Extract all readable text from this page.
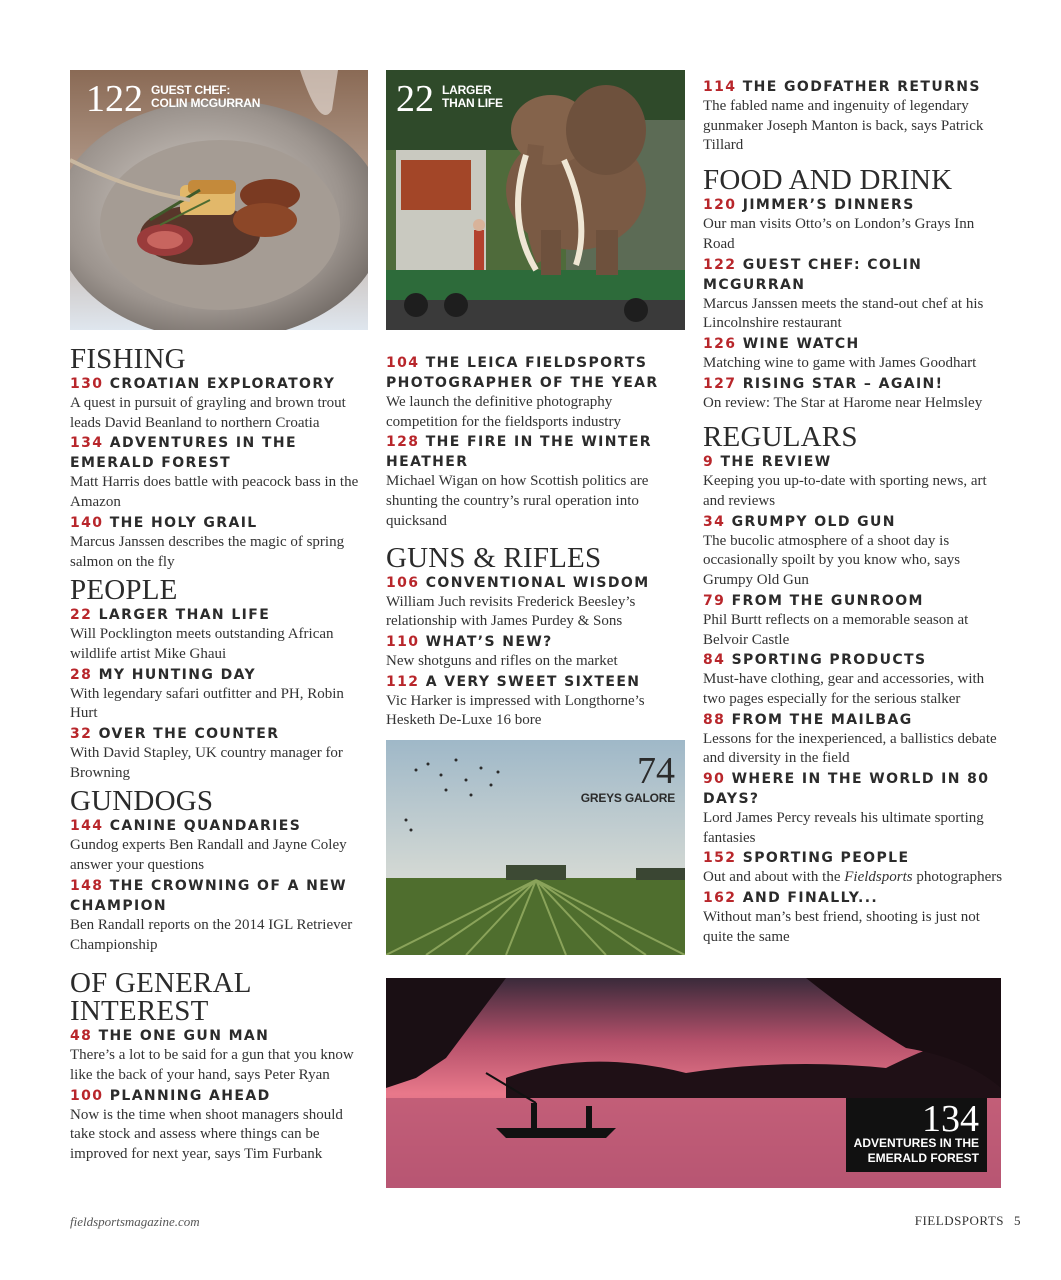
122 GUEST CHEF:
COLIN MCGURRAN	22 LARGER
THAN LIFE
74
GREYS GALORE
134
ADVENTURES IN THE
EMERALD FOREST
FISHING
130 CROATIAN EXPLORATORY
A quest in pursuit of grayling and brown trout leads David Beanland to northern Croatia
134 ADVENTURES IN THE EMERALD FOREST
Matt Harris does battle with peacock bass in the Amazon
140 THE HOLY GRAIL
Marcus Janssen describes the magic of spring salmon on the fly
PEOPLE
22 LARGER THAN LIFE
Will Pocklington meets outstanding African wildlife artist Mike Ghaui
28 MY HUNTING DAY
With legendary safari outfitter and PH, Robin Hurt
32 OVER THE COUNTER
With David Stapley, UK country manager for Browning
GUNDOGS
144 CANINE QUANDARIES
Gundog experts Ben Randall and Jayne Coley answer your questions
148 THE CROWNING OF A NEW CHAMPION
Ben Randall reports on the 2014 IGL Retriever Championship
OF GENERAL INTEREST
48 THE ONE GUN MAN
There’s a lot to be said for a gun that you know like the back of your hand, says Peter Ryan
100 PLANNING AHEAD
Now is the time when shoot managers should take stock and assess where things can be improved for next year, says Tim Furbank
104 THE LEICA FIELDSPORTS PHOTOGRAPHER OF THE YEAR
We launch the definitive photography competition for the fieldsports industry
128 THE FIRE IN THE WINTER HEATHER
Michael Wigan on how Scottish politics are shunting the country’s rural operation into quicksand
GUNS & RIFLES
106 CONVENTIONAL WISDOM
William Juch revisits Frederick Beesley’s relationship with James Purdey & Sons
110 WHAT’S NEW?
New shotguns and rifles on the market
112 A VERY SWEET SIXTEEN
Vic Harker is impressed with Longthorne’s Hesketh De-Luxe 16 bore
114 THE GODFATHER RETURNS
The fabled name and ingenuity of legendary gunmaker Joseph Manton is back, says Patrick Tillard
FOOD AND DRINK
120 JIMMER’S DINNERS
Our man visits Otto’s on London’s Grays Inn Road
122 GUEST CHEF: COLIN MCGURRAN
Marcus Janssen meets the stand-out chef at his Lincolnshire restaurant
126 WINE WATCH
Matching wine to game with James Goodhart
127 RISING STAR – AGAIN!
On review: The Star at Harome near Helmsley
REGULARS
9 THE REVIEW
Keeping you up-to-date with sporting news, art and reviews
34 GRUMPY OLD GUN
The bucolic atmosphere of a shoot day is occasionally spoilt by you know who, says Grumpy Old Gun
79 FROM THE GUNROOM
Phil Burtt reflects on a memorable season at Belvoir Castle
84 SPORTING PRODUCTS
Must-have clothing, gear and accessories, with two pages especially for the serious stalker
88 FROM THE MAILBAG
Lessons for the inexperienced, a ballistics debate and diversity in the field
90 WHERE IN THE WORLD IN 80 DAYS?
Lord James Percy reveals his ultimate sporting fantasies
152 SPORTING PEOPLE
Out and about with the Fieldsports photographers
162 AND FINALLY...
Without man’s best friend, shooting is just not quite the same
fieldsportsmagazine.com	FIELDSPORTS 5
